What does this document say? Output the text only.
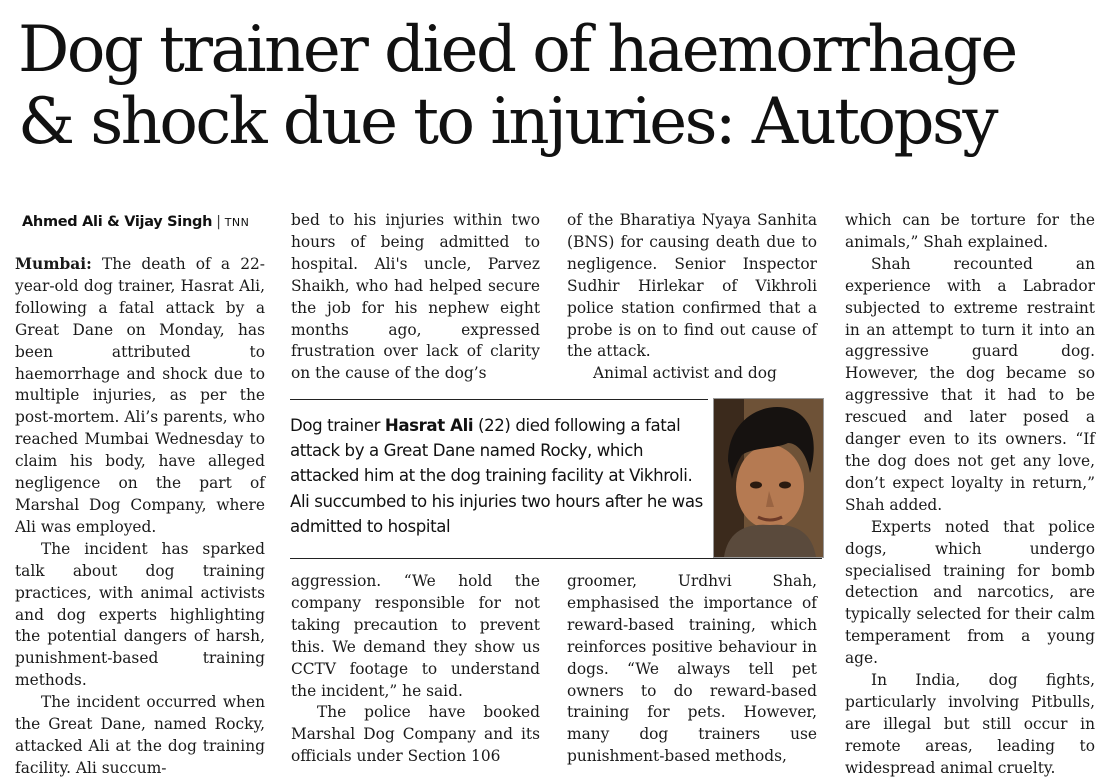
Dog trainer died of haemorrhage
& shock due to injuries: Autopsy
Ahmed Ali & Vijay Singh | TNN

Mumbai: The death of a 22-year-old dog trainer, Hasrat Ali, following a fatal attack by a Great Dane on Monday, has been attributed to haemorrhage and shock due to multiple injuries, as per the post-mortem. Ali’s parents, who reached Mumbai Wednesday to claim his body, have alleged negligence on the part of Marshal Dog Company, where Ali was employed.

The incident has sparked talk about dog training practices, with animal activists and dog experts highlighting the potential dangers of harsh, punishment-based training methods.

The incident occurred when the Great Dane, named Rocky, attacked Ali at the dog training facility. Ali succum-

bed to his injuries within two hours of being admitted to hospital. Ali's uncle, Parvez Shaikh, who had helped secure the job for his nephew eight months ago, expressed frustration over lack of clarity on the cause of the dog’s

of the Bharatiya Nyaya Sanhita (BNS) for causing death due to negligence. Senior Inspector Sudhir Hirlekar of Vikhroli police station confirmed that a probe is on to find out cause of the attack.

Animal activist and dog

Dog trainer Hasrat Ali (22) died following a fatal attack by a Great Dane named Rocky, which attacked him at the dog training facility at Vikhroli. Ali succumbed to his injuries two hours after he was admitted to hospital

aggression. “We hold the company responsible for not taking precaution to prevent this. We demand they show us CCTV footage to understand the incident,” he said.

The police have booked Marshal Dog Company and its officials under Section 106

groomer, Urdhvi Shah, emphasised the importance of reward-based training, which reinforces positive behaviour in dogs. “We always tell pet owners to do reward-based training for pets. However, many dog trainers use punishment-based methods,

which can be torture for the animals,” Shah explained.

Shah recounted an experience with a Labrador subjected to extreme restraint in an attempt to turn it into an aggressive guard dog. However, the dog became so aggressive that it had to be rescued and later posed a danger even to its owners. “If the dog does not get any love, don’t expect loyalty in return,” Shah added.

Experts noted that police dogs, which undergo specialised training for bomb detection and narcotics, are typically selected for their calm temperament from a young age.

In India, dog fights, particularly involving Pitbulls, are illegal but still occur in remote areas, leading to widespread animal cruelty.
